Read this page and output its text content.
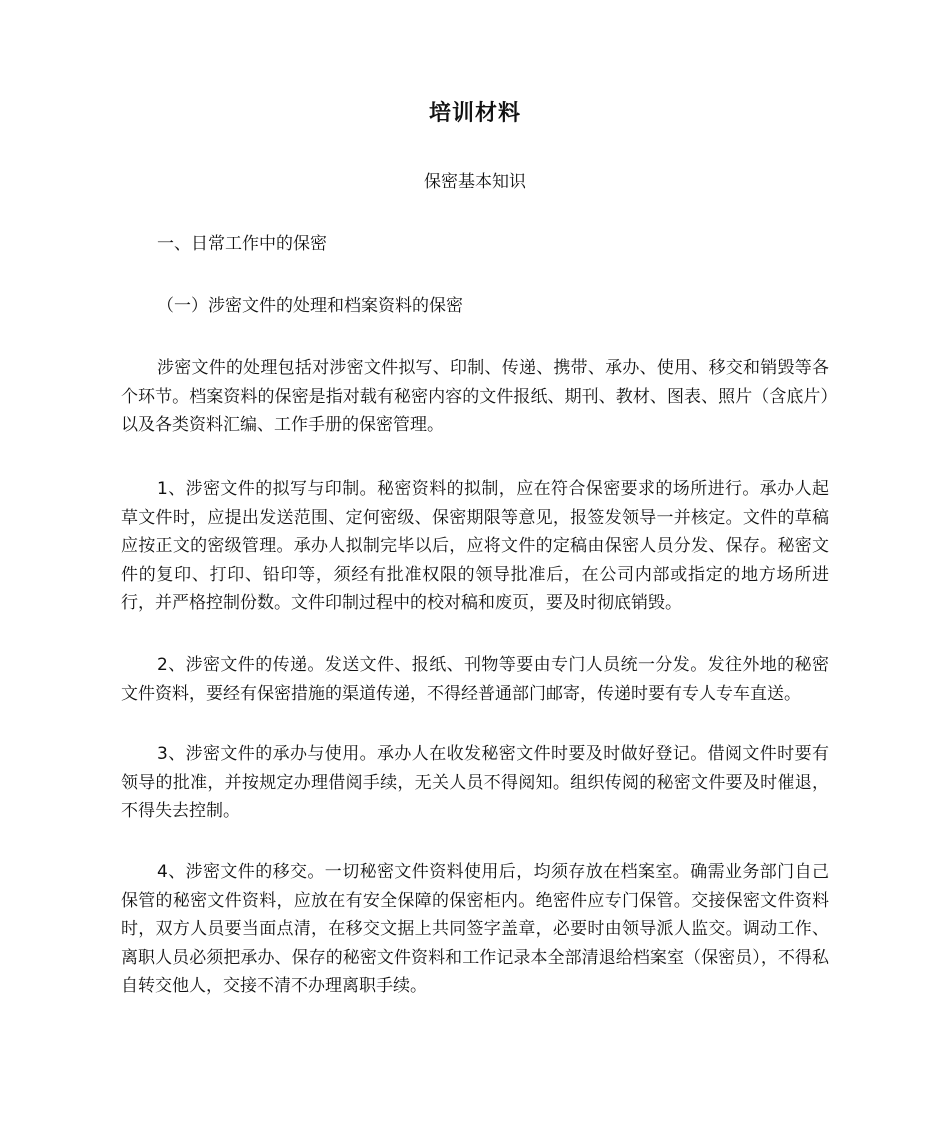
培训材料

保密基本知识

一、日常工作中的保密

（一）涉密文件的处理和档案资料的保密

涉密文件的处理包括对涉密文件拟写、印制、传递、携带、承办、使用、移交和销毁等各个环节。档案资料的保密是指对载有秘密内容的文件报纸、期刊、教材、图表、照片（含底片）以及各类资料汇编、工作手册的保密管理。

1、涉密文件的拟写与印制。秘密资料的拟制，应在符合保密要求的场所进行。承办人起草文件时，应提出发送范围、定何密级、保密期限等意见，报签发领导一并核定。文件的草稿应按正文的密级管理。承办人拟制完毕以后，应将文件的定稿由保密人员分发、保存。秘密文件的复印、打印、铅印等，须经有批准权限的领导批准后，在公司内部或指定的地方场所进行，并严格控制份数。文件印制过程中的校对稿和废页，要及时彻底销毁。

2、涉密文件的传递。发送文件、报纸、刊物等要由专门人员统一分发。发往外地的秘密文件资料，要经有保密措施的渠道传递，不得经普通部门邮寄，传递时要有专人专车直送。

3、涉密文件的承办与使用。承办人在收发秘密文件时要及时做好登记。借阅文件时要有领导的批准，并按规定办理借阅手续，无关人员不得阅知。组织传阅的秘密文件要及时催退，不得失去控制。

4、涉密文件的移交。一切秘密文件资料使用后，均须存放在档案室。确需业务部门自己保管的秘密文件资料，应放在有安全保障的保密柜内。绝密件应专门保管。交接保密文件资料时，双方人员要当面点清，在移交文据上共同签字盖章，必要时由领导派人监交。调动工作、离职人员必须把承办、保存的秘密文件资料和工作记录本全部清退给档案室（保密员），不得私自转交他人，交接不清不办理离职手续。
